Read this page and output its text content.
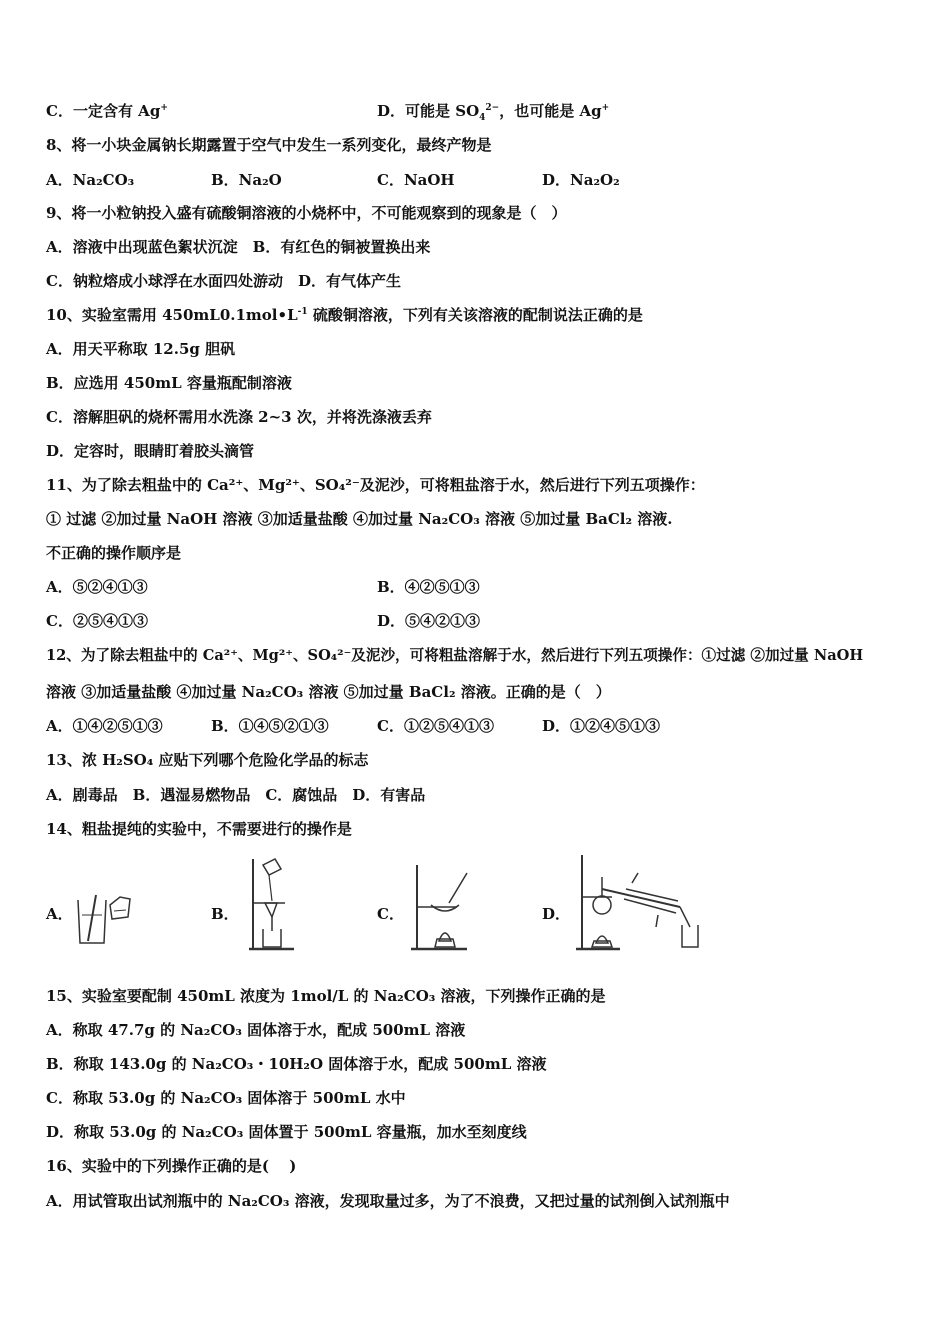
C．一定含有 Ag+	D．可能是 $SO_4^{2-}$，也可能是 Ag+
8、将一小块金属钠长期露置于空气中发生一系列变化，最终产物是
A．Na₂CO₃	B．Na₂O	C．NaOH	D．Na₂O₂
9、将一小粒钠投入盛有硫酸铜溶液的小烧杯中，不可能观察到的现象是（　）
A．溶液中出现蓝色絮状沉淀　B．有红色的铜被置换出来
C．钠粒熔成小球浮在水面四处游动　D．有气体产生
10、实验室需用 $450mL0.1mol•L^{-1}$ 硫酸铜溶液，下列有关该溶液的配制说法正确的是
A．用天平称取 12.5g 胆矾
B．应选用 450mL 容量瓶配制溶液
C．溶解胆矾的烧杯需用水洗涤 2~3 次，并将洗涤液丢弃
D．定容时，眼睛盯着胶头滴管
11、为了除去粗盐中的 Ca²⁺、Mg²⁺、SO₄²⁻及泥沙，可将粗盐溶于水，然后进行下列五项操作：
① 过滤 ②加过量 NaOH 溶液 ③加适量盐酸 ④加过量 Na₂CO₃ 溶液 ⑤加过量 BaCl₂ 溶液.
不正确的操作顺序是
A．⑤②④①③	B．④②⑤①③
C．②⑤④①③	D．⑤④②①③
12、为了除去粗盐中的 Ca²⁺、Mg²⁺、SO₄²⁻及泥沙，可将粗盐溶解于水，然后进行下列五项操作：①过滤 ②加过量 NaOH
溶液 ③加适量盐酸 ④加过量 Na₂CO₃ 溶液 ⑤加过量 BaCl₂ 溶液。正确的是（　）
A．①④②⑤①③	B．①④⑤②①③	C．①②⑤④①③	D．①②④⑤①③
13、浓 H₂SO₄ 应贴下列哪个危险化学品的标志
A．剧毒品　B．遇湿易燃物品　C．腐蚀品　D．有害品
14、粗盐提纯的实验中，不需要进行的操作是
A．	B．	C．	D．
15、实验室要配制 450mL 浓度为 1mol/L 的 Na₂CO₃ 溶液，下列操作正确的是
A．称取 47.7g 的 Na₂CO₃ 固体溶于水，配成 500mL 溶液
B．称取 143.0g 的 Na₂CO₃・10H₂O 固体溶于水，配成 500mL 溶液
C．称取 53.0g 的 Na₂CO₃ 固体溶于 500mL 水中
D．称取 53.0g 的 Na₂CO₃ 固体置于 500mL 容量瓶，加水至刻度线
16、实验中的下列操作正确的是(　 )
A．用试管取出试剂瓶中的 Na₂CO₃ 溶液，发现取量过多，为了不浪费，又把过量的试剂倒入试剂瓶中
